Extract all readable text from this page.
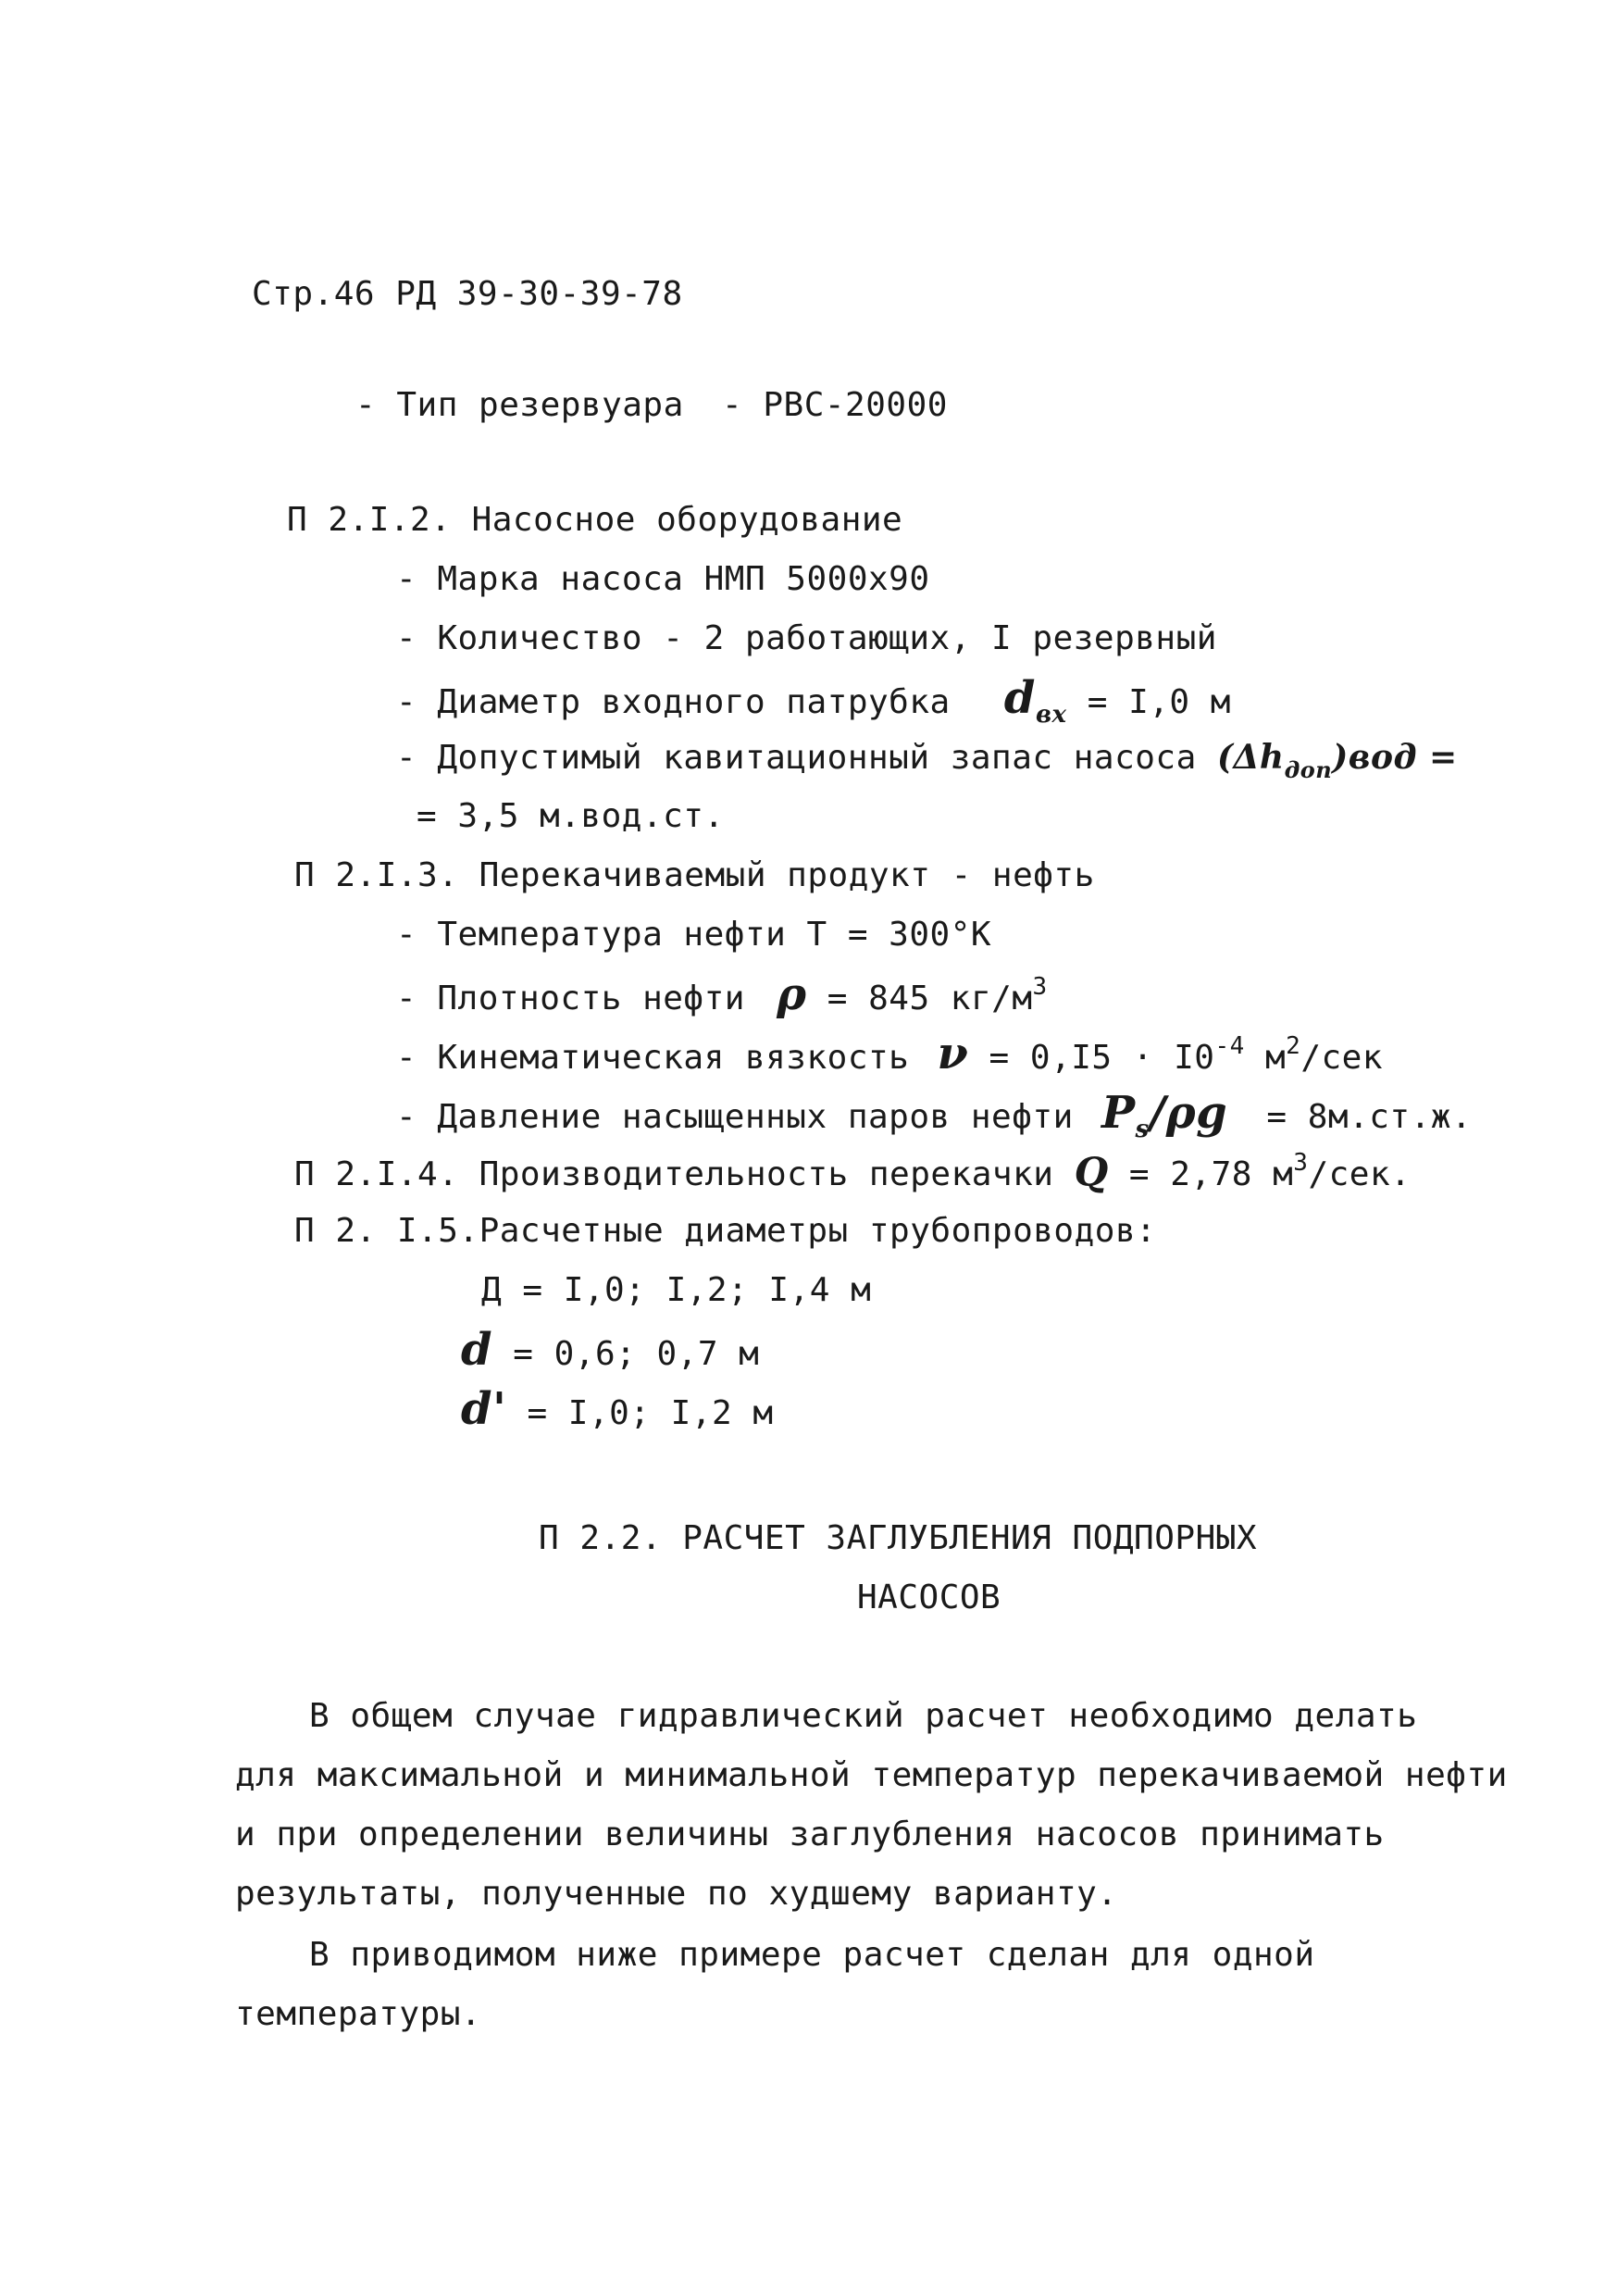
Стр.46 РД 39-30-39-78
- Тип резервуара - РВС-20000
П 2.I.2. Насосное оборудование
- Марка насоса НМП 5000х90
- Количество - 2 работающих, I резервный
- Диаметр входного патрубка $d_{вх} = I,0$ м
- Допустимый кавитационный запас насоса $(\Delta h_{доп})вод$ =
= 3,5 м.вод.ст.
П 2.I.3. Перекачиваемый продукт - нефть
- Температура нефти Т = 300°К
- Плотность нефти ρ = 845 $кг/м^3$
- Кинематическая вязкость $\nu = 0,I5 \cdot I0^{-4}$ $м^2$/сек
- Давление насыщенных паров нефти $P_s/\rho g = 8м.ст.ж$.
П 2.I.4. Производительность перекачки Q = 2,78 $м^3$/сек.
П 2. I.5.Расчетные диаметры трубопроводов:
Д = I,0; I,2; I,4 м
d = 0,6; 0,7 м
d' = I,0; I,2 м
П 2.2. РАСЧЕТ ЗАГЛУБЛЕНИЯ ПОДПОРНЫХ
НАСОСОВ
В общем случае гидравлический расчет необходимо делать
для максимальной и минимальной температур перекачиваемой нефти
и при определении величины заглубления насосов принимать
результаты, полученные по худшему варианту.
В приводимом ниже примере расчет сделан для одной
температуры.
